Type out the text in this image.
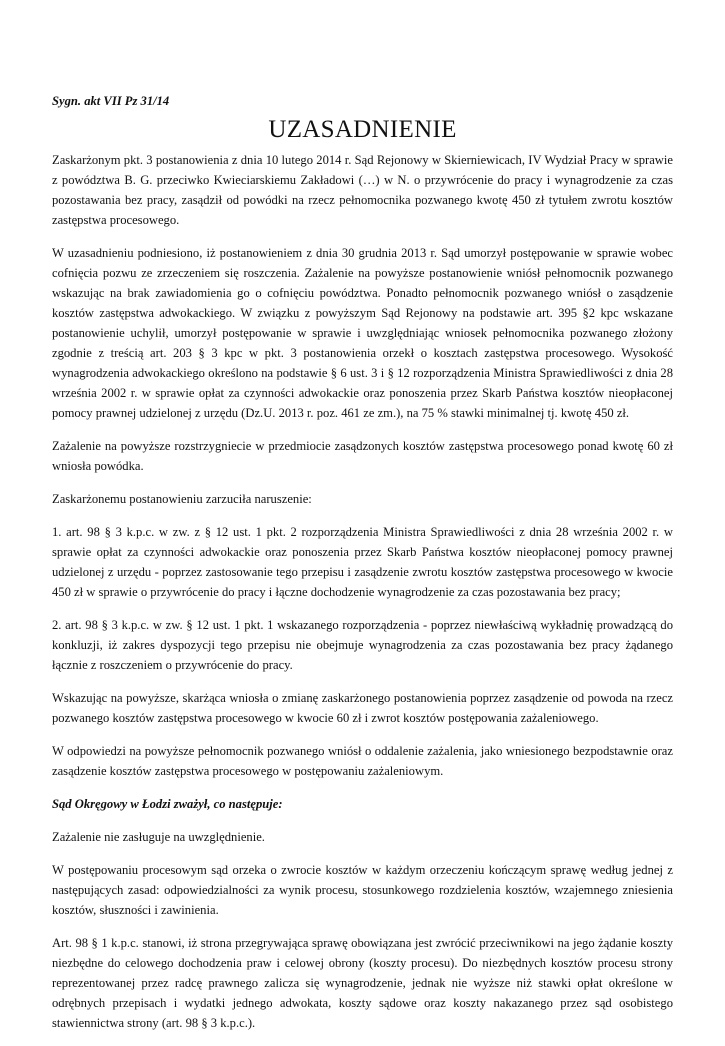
Sygn. akt VII Pz 31/14
UZASADNIENIE

Zaskarżonym pkt. 3 postanowienia z dnia 10 lutego 2014 r. Sąd Rejonowy w Skierniewicach, IV Wydział Pracy w sprawie z powództwa B. G. przeciwko Kwieciarskiemu Zakładowi (…) w N. o przywrócenie do pracy i wynagrodzenie za czas pozostawania bez pracy, zasądził od powódki na rzecz pełnomocnika pozwanego kwotę 450 zł tytułem zwrotu kosztów zastępstwa procesowego.

W uzasadnieniu podniesiono, iż postanowieniem z dnia 30 grudnia 2013 r. Sąd umorzył postępowanie w sprawie wobec cofnięcia pozwu ze zrzeczeniem się roszczenia. Zażalenie na powyższe postanowienie wniósł pełnomocnik pozwanego wskazując na brak zawiadomienia go o cofnięciu powództwa. Ponadto pełnomocnik pozwanego wniósł o zasądzenie kosztów zastępstwa adwokackiego. W związku z powyższym Sąd Rejonowy na podstawie art. 395 §2 kpc wskazane postanowienie uchylił, umorzył postępowanie w sprawie i uwzględniając wniosek pełnomocnika pozwanego złożony zgodnie z treścią art. 203 § 3 kpc w pkt. 3 postanowienia orzekł o kosztach zastępstwa procesowego. Wysokość wynagrodzenia adwokackiego określono na podstawie § 6 ust. 3 i § 12 rozporządzenia Ministra Sprawiedliwości z dnia 28 września 2002 r. w sprawie opłat za czynności adwokackie oraz ponoszenia przez Skarb Państwa kosztów nieopłaconej pomocy prawnej udzielonej z urzędu (Dz.U. 2013 r. poz. 461 ze zm.), na 75 % stawki minimalnej tj. kwotę 450 zł.

Zażalenie na powyższe rozstrzygniecie w przedmiocie zasądzonych kosztów zastępstwa procesowego ponad kwotę 60 zł wniosła powódka.

Zaskarżonemu postanowieniu zarzuciła naruszenie:

1. art. 98 § 3 k.p.c. w zw. z § 12 ust. 1 pkt. 2 rozporządzenia Ministra Sprawiedliwości z dnia 28 września 2002 r. w sprawie opłat za czynności adwokackie oraz ponoszenia przez Skarb Państwa kosztów nieopłaconej pomocy prawnej udzielonej z urzędu - poprzez zastosowanie tego przepisu i zasądzenie zwrotu kosztów zastępstwa procesowego w kwocie 450 zł w sprawie o przywrócenie do pracy i łączne dochodzenie wynagrodzenie za czas pozostawania bez pracy;

2. art. 98 § 3 k.p.c. w zw. § 12 ust. 1 pkt. 1 wskazanego rozporządzenia - poprzez niewłaściwą wykładnię prowadzącą do konkluzji, iż zakres dyspozycji tego przepisu nie obejmuje wynagrodzenia za czas pozostawania bez pracy żądanego łącznie z roszczeniem o przywrócenie do pracy.

Wskazując na powyższe, skarżąca wniosła o zmianę zaskarżonego postanowienia poprzez zasądzenie od powoda na rzecz pozwanego kosztów zastępstwa procesowego w kwocie 60 zł i zwrot kosztów postępowania zażaleniowego.

W odpowiedzi na powyższe pełnomocnik pozwanego wniósł o oddalenie zażalenia, jako wniesionego bezpodstawnie oraz zasądzenie kosztów zastępstwa procesowego w postępowaniu zażaleniowym.

Sąd Okręgowy w Łodzi zważył, co następuje:

Zażalenie nie zasługuje na uwzględnienie.

W postępowaniu procesowym sąd orzeka o zwrocie kosztów w każdym orzeczeniu kończącym sprawę według jednej z następujących zasad: odpowiedzialności za wynik procesu, stosunkowego rozdzielenia kosztów, wzajemnego zniesienia kosztów, słuszności i zawinienia.

Art. 98 § 1 k.p.c. stanowi, iż strona przegrywająca sprawę obowiązana jest zwrócić przeciwnikowi na jego żądanie koszty niezbędne do celowego dochodzenia praw i celowej obrony (koszty procesu). Do niezbędnych kosztów procesu strony reprezentowanej przez radcę prawnego zalicza się wynagrodzenie, jednak nie wyższe niż stawki opłat określone w odrębnych przepisach i wydatki jednego adwokata, koszty sądowe oraz koszty nakazanego przez sąd osobistego stawiennictwa strony (art. 98 § 3 k.p.c.).
